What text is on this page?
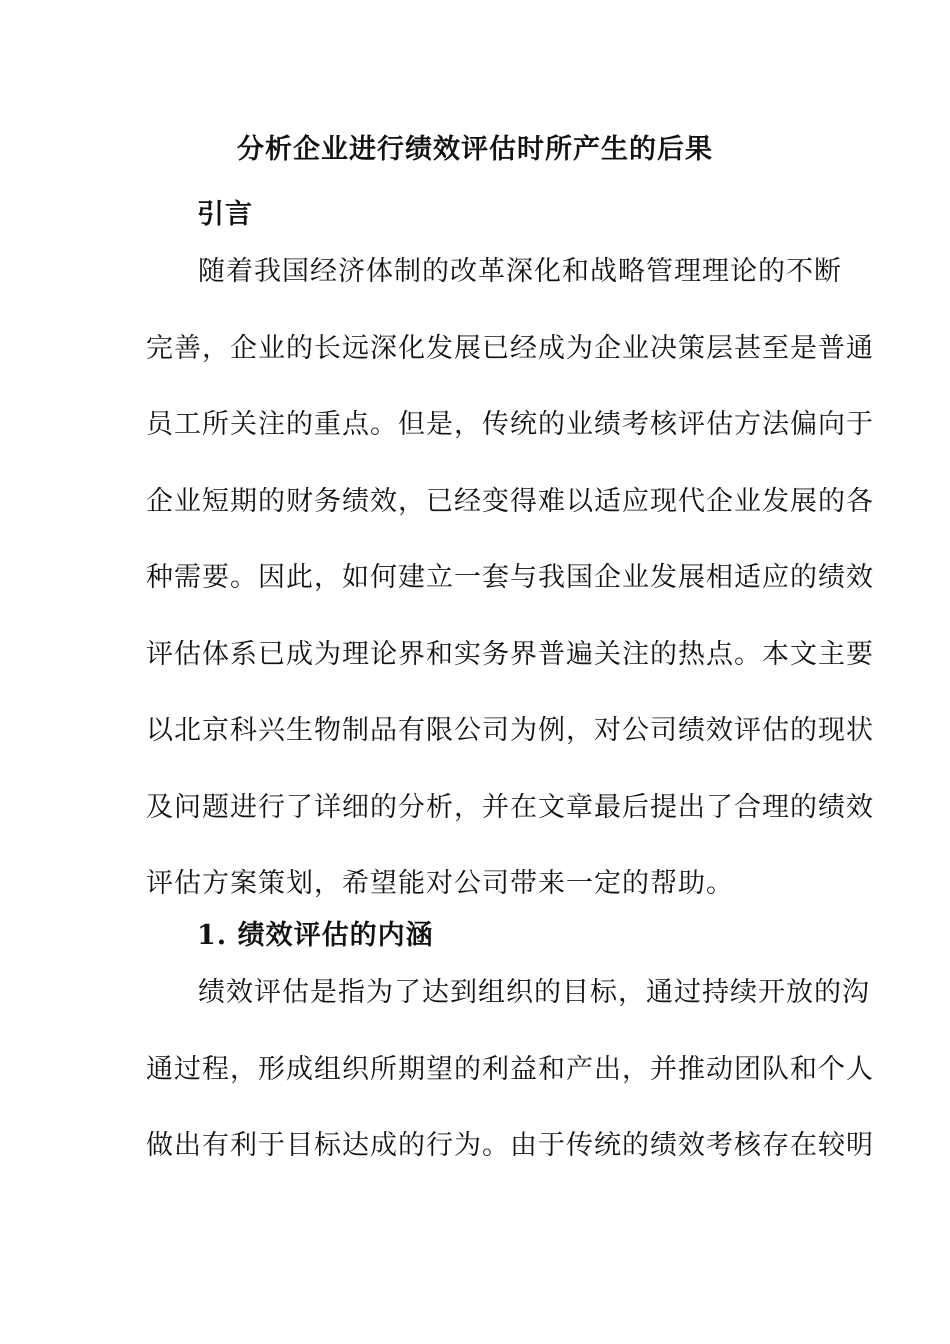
分析企业进行绩效评估时所产生的后果
引言
随着我国经济体制的改革深化和战略管理理论的不断
完善，企业的长远深化发展已经成为企业决策层甚至是普通
员工所关注的重点。但是，传统的业绩考核评估方法偏向于
企业短期的财务绩效，已经变得难以适应现代企业发展的各
种需要。因此，如何建立一套与我国企业发展相适应的绩效
评估体系已成为理论界和实务界普遍关注的热点。本文主要
以北京科兴生物制品有限公司为例，对公司绩效评估的现状
及问题进行了详细的分析，并在文章最后提出了合理的绩效
评估方案策划，希望能对公司带来一定的帮助。
1. 绩效评估的内涵
绩效评估是指为了达到组织的目标，通过持续开放的沟
通过程，形成组织所期望的利益和产出，并推动团队和个人
做出有利于目标达成的行为。由于传统的绩效考核存在较明
